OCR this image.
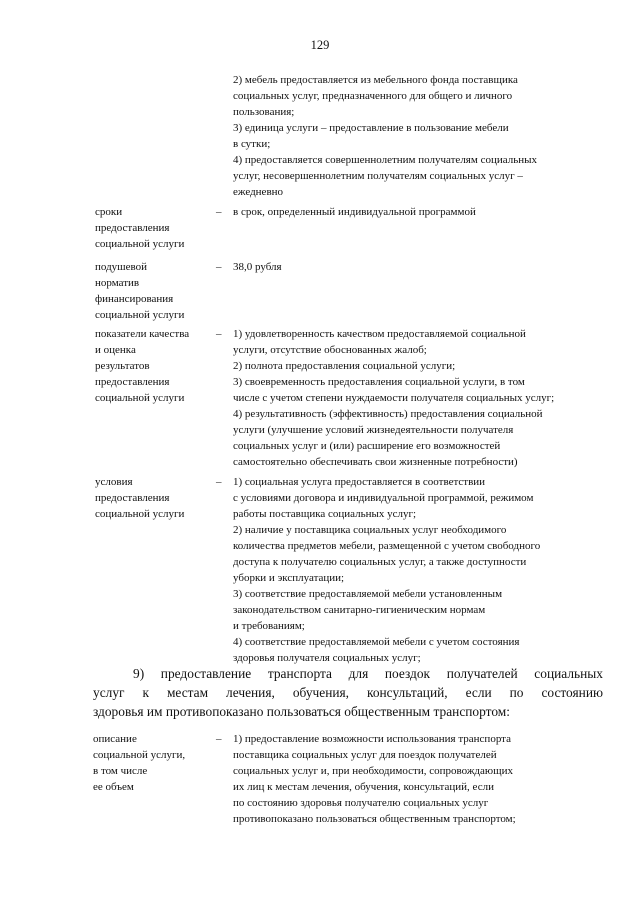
129
2) мебель предоставляется из мебельного фонда поставщика
социальных услуг, предназначенного для общего и личного
пользования;
3) единица услуги – предоставление в пользование мебели
в сутки;
4) предоставляется совершеннолетним получателям социальных
услуг, несовершеннолетним получателям социальных услуг –
ежедневно
сроки
предоставления
социальной услуги
– в срок, определенный индивидуальной программой
подушевой
норматив
финансирования
социальной услуги
– 38,0 рубля
показатели качества
и оценка
результатов
предоставления
социальной услуги
– 1) удовлетворенность качеством предоставляемой социальной
услуги, отсутствие обоснованных жалоб;
2) полнота предоставления социальной услуги;
3) своевременность предоставления социальной услуги, в том
числе с учетом степени нуждаемости получателя социальных услуг;
4) результативность (эффективность) предоставления социальной
услуги (улучшение условий жизнедеятельности получателя
социальных услуг и (или) расширение его возможностей
самостоятельно обеспечивать свои жизненные потребности)
условия
предоставления
социальной услуги
– 1) социальная услуга предоставляется в соответствии
с условиями договора и индивидуальной программой, режимом
работы поставщика социальных услуг;
2) наличие у поставщика социальных услуг необходимого
количества предметов мебели, размещенной с учетом свободного
доступа к получателю социальных услуг, а также доступности
уборки и эксплуатации;
3) соответствие предоставляемой мебели установленным
законодательством санитарно-гигиеническим нормам
и требованиям;
4) соответствие предоставляемой мебели с учетом состояния
здоровья получателя социальных услуг;
9) предоставление транспорта для поездок получателей социальных
услуг к местам лечения, обучения, консультаций, если по состоянию
здоровья им противопоказано пользоваться общественным транспортом:
описание
социальной услуги,
в том числе
ее объем
– 1) предоставление возможности использования транспорта
поставщика социальных услуг для поездок получателей
социальных услуг и, при необходимости, сопровождающих
их лиц к местам лечения, обучения, консультаций, если
по состоянию здоровья получателю социальных услуг
противопоказано пользоваться общественным транспортом;
